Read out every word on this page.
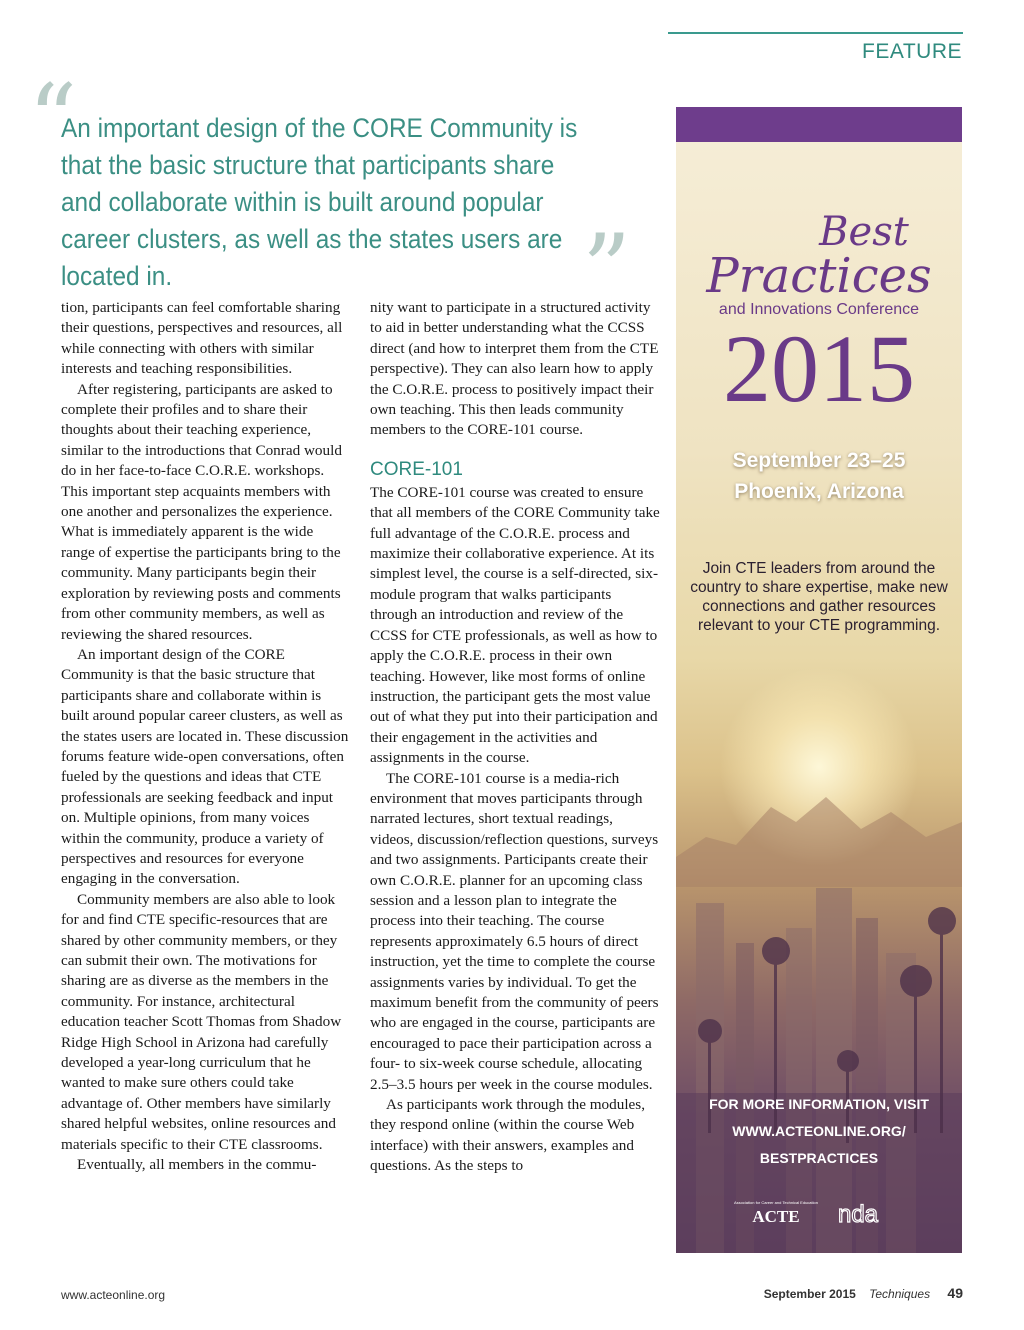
FEATURE
“
An important design of the CORE Community is that the basic structure that participants share and collaborate within is built around popular career clusters, as well as the states users are located in.	”

tion, participants can feel comfortable sharing their questions, perspectives and resources, all while connecting with others with similar interests and teaching responsibilities.

After registering, participants are asked to complete their profiles and to share their thoughts about their teaching experience, similar to the introductions that Conrad would do in her face-to-face C.O.R.E. workshops. This important step acquaints members with one another and personalizes the experience. What is immediately apparent is the wide range of expertise the participants bring to the community. Many participants begin their exploration by reviewing posts and comments from other community members, as well as reviewing the shared resources.

An important design of the CORE Community is that the basic structure that participants share and collaborate within is built around popular career clusters, as well as the states users are located in. These discussion forums feature wide-open conversations, often fueled by the questions and ideas that CTE professionals are seeking feedback and input on. Multiple opinions, from many voices within the community, produce a variety of perspectives and resources for everyone engaging in the conversation.

Community members are also able to look for and find CTE specific-resources that are shared by other community members, or they can submit their own. The motivations for sharing are as diverse as the members in the community. For instance, architectural education teacher Scott Thomas from Shadow Ridge High School in Arizona had carefully developed a year-long curriculum that he wanted to make sure others could take advantage of. Other members have similarly shared helpful websites, online resources and materials specific to their CTE classrooms.

Eventually, all members in the commu-

nity want to participate in a structured activity to aid in better understanding what the CCSS direct (and how to interpret them from the CTE perspective). They can also learn how to apply the C.O.R.E. process to positively impact their own teaching. This then leads community members to the CORE-101 course.

CORE-101

The CORE-101 course was created to ensure that all members of the CORE Community take full advantage of the C.O.R.E. process and maximize their collaborative experience. At its simplest level, the course is a self-directed, six-module program that walks participants through an introduction and review of the CCSS for CTE professionals, as well as how to apply the C.O.R.E. process in their own teaching. However, like most forms of online instruction, the participant gets the most value out of what they put into their participation and their engagement in the activities and assignments in the course.

The CORE-101 course is a media-rich environment that moves participants through narrated lectures, short textual readings, videos, discussion/reflection questions, surveys and two assignments. Participants create their own C.O.R.E. planner for an upcoming class session and a lesson plan to integrate the process into their teaching. The course represents approximately 6.5 hours of direct instruction, yet the time to complete the course assignments varies by individual. To get the maximum benefit from the community of peers who are engaged in the course, participants are encouraged to pace their participation across a four- to six-week course schedule, allocating 2.5–3.5 hours per week in the course modules.

As participants work through the modules, they respond online (within the course Web interface) with their answers, examples and questions. As the steps to

Best
Practices
and Innovations Conference
2015
September 23–25
Phoenix, Arizona
Join CTE leaders from around the country to share expertise, make new connections and gather resources relevant to your CTE programming.
FOR MORE INFORMATION, VISIT
WWW.ACTEONLINE.ORG/
BESTPRACTICES
Association for Career and Technical Education
ACTE nda
www.acteonline.org	September 2015 Techniques 49
